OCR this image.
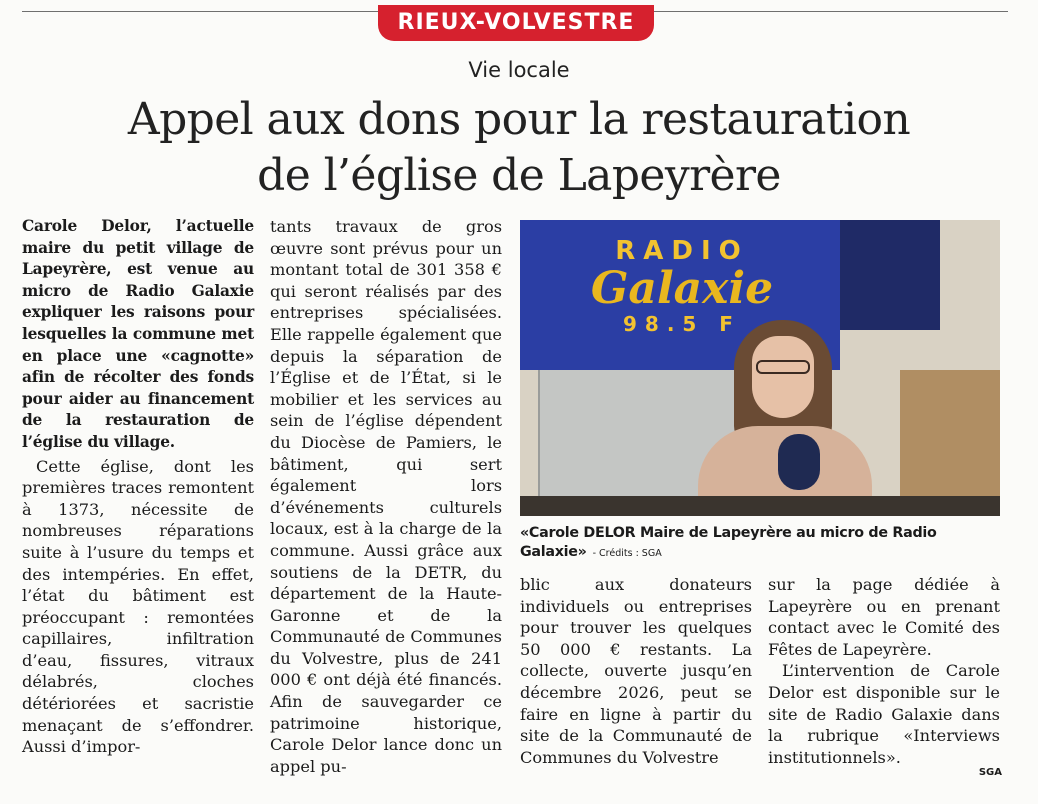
RIEUX-VOLVESTRE
Vie locale
Appel aux dons pour la restauration
de l’église de Lapeyrère

Carole Delor, l’actuelle maire du petit village de Lapeyrère, est venue au micro de Radio Galaxie expliquer les raisons pour lesquelles la commune met en place une «cagnotte» afin de récolter des fonds pour aider au financement de la restauration de l’église du village.

Cette église, dont les premières traces remontent à 1373, nécessite de nombreuses réparations suite à l’usure du temps et des intempéries. En effet, l’état du bâtiment est préoccupant : remontées capillaires, infiltration d’eau, fissures, vitraux délabrés, cloches détériorées et sacristie menaçant de s’effondrer. Aussi d’impor-

tants travaux de gros œuvre sont prévus pour un montant total de 301 358 € qui seront réalisés par des entreprises spécialisées. Elle rappelle également que depuis la séparation de l’Église et de l’État, si le mobilier et les services au sein de l’église dépendent du Diocèse de Pamiers, le bâtiment, qui sert également lors d’événements culturels locaux, est à la charge de la commune. Aussi grâce aux soutiens de la DETR, du département de la Haute-Garonne et de la Communauté de Communes du Volvestre, plus de 241 000 € ont déjà été financés. Afin de sauvegarder ce patrimoine historique, Carole Delor lance donc un appel pu-

RADIO
Galaxie
98.5 F
«Carole DELOR Maire de Lapeyrère au micro de Radio Galaxie» - Crédits : SGA

blic aux donateurs individuels ou entreprises pour trouver les quelques 50 000 € restants. La collecte, ouverte jusqu’en décembre 2026, peut se faire en ligne à partir du site de la Communauté de Communes du Volvestre

sur la page dédiée à Lapeyrère ou en prenant contact avec le Comité des Fêtes de Lapeyrère.

L’intervention de Carole Delor est disponible sur le site de Radio Galaxie dans la rubrique «Interviews institutionnels».

SGA
